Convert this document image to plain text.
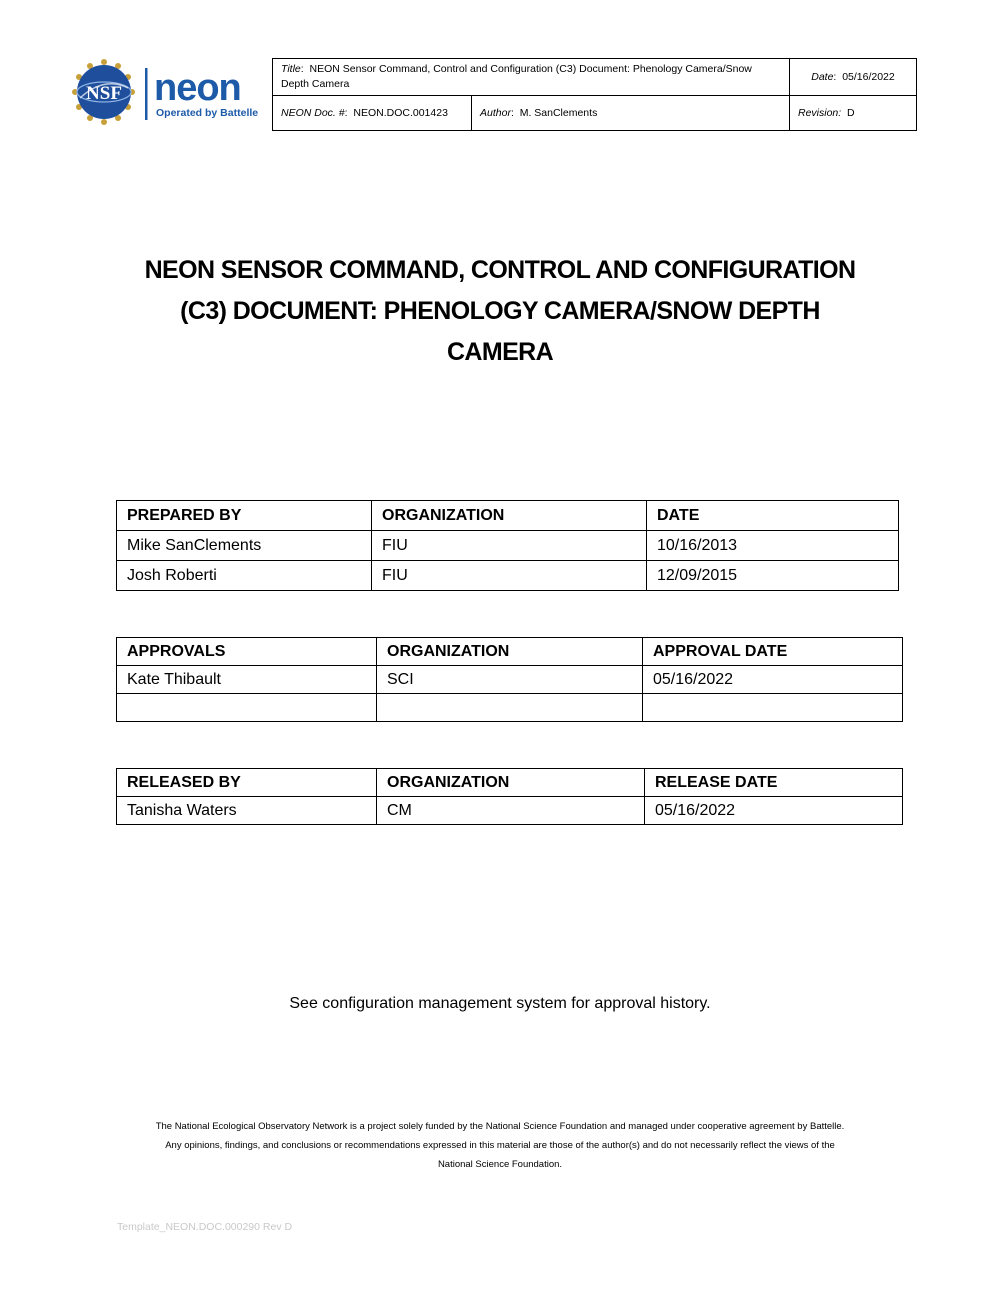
NSF neon
Operated by Battelle
Title:  NEON Sensor Command, Control and Configuration (C3) Document: Phenology Camera/Snow Depth Camera		Date:  05/16/2022
NEON Doc. #:  NEON.DOC.001423	Author:  M. SanClements	Revision: D
NEON SENSOR COMMAND, CONTROL AND CONFIGURATION
(C3) DOCUMENT: PHENOLOGY CAMERA/SNOW DEPTH
CAMERA
PREPARED BY	ORGANIZATION	DATE
Mike SanClements	FIU	10/16/2013
Josh Roberti	FIU	12/09/2015
APPROVALS	ORGANIZATION	APPROVAL DATE
Kate Thibault	SCI	05/16/2022

RELEASED BY	ORGANIZATION	RELEASE DATE
Tanisha Waters	CM	05/16/2022
See configuration management system for approval history.
The National Ecological Observatory Network is a project solely funded by the National Science Foundation and managed under cooperative agreement by Battelle.
Any opinions, findings, and conclusions or recommendations expressed in this material are those of the author(s) and do not necessarily reflect the views of the
National Science Foundation.
Template_NEON.DOC.000290 Rev D
